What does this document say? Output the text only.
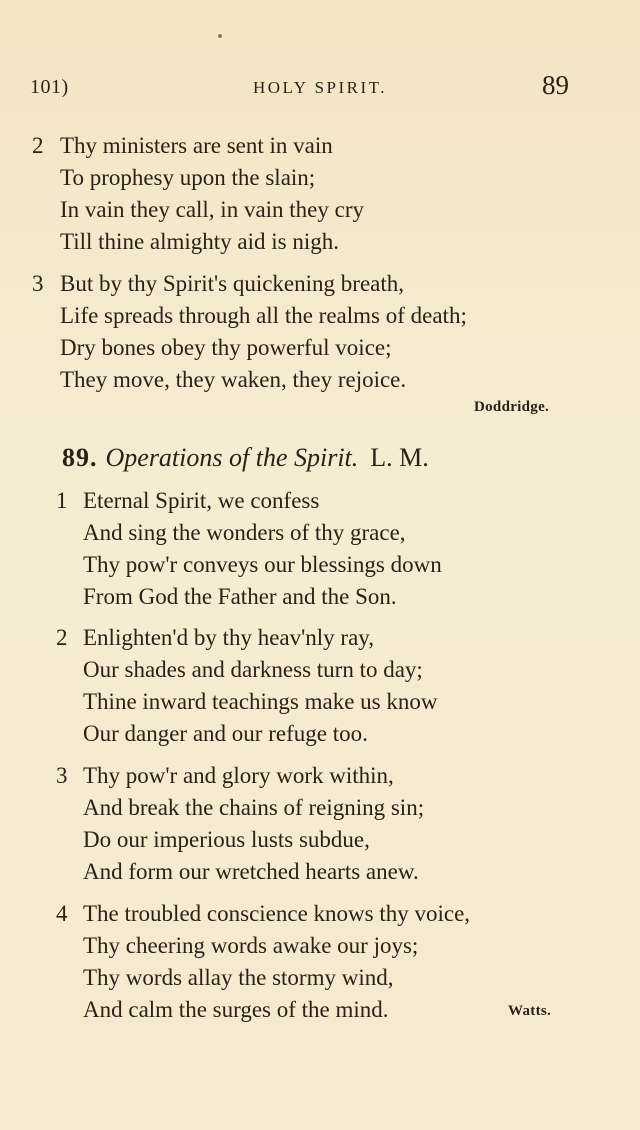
101)	HOLY SPIRIT.	89
2 Thy ministers are sent in vain
To prophesy upon the slain;
In vain they call, in vain they cry
Till thine almighty aid is nigh.
3 But by thy Spirit's quickening breath,
Life spreads through all the realms of death;
Dry bones obey thy powerful voice;
They move, they waken, they rejoice.
Doddridge.
89. Operations of the Spirit. L. M.
1 Eternal Spirit, we confess
And sing the wonders of thy grace,
Thy pow'r conveys our blessings down
From God the Father and the Son.
2 Enlighten'd by thy heav'nly ray,
Our shades and darkness turn to day;
Thine inward teachings make us know
Our danger and our refuge too.
3 Thy pow'r and glory work within,
And break the chains of reigning sin;
Do our imperious lusts subdue,
And form our wretched hearts anew.
4 The troubled conscience knows thy voice,
Thy cheering words awake our joys;
Thy words allay the stormy wind,
And calm the surges of the mind.	Watts.
